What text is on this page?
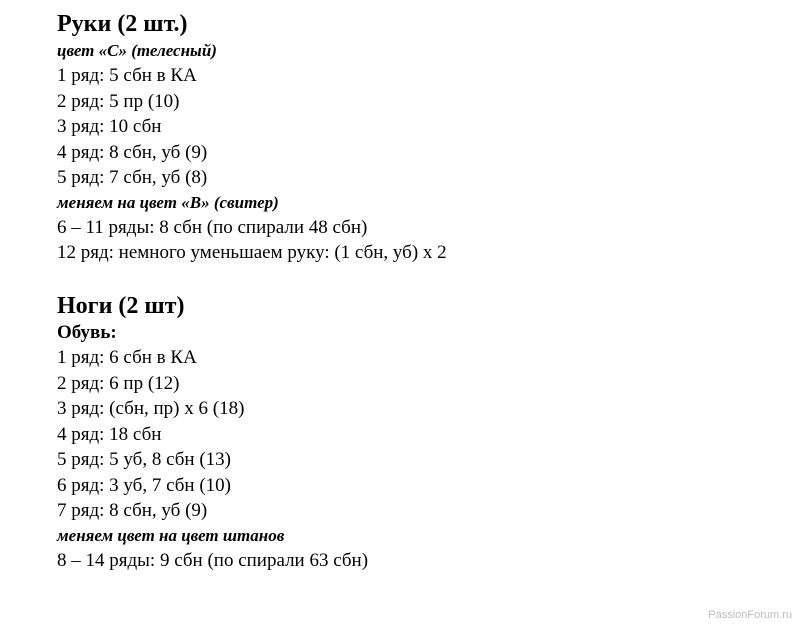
Руки (2 шт.)
цвет «С» (телесный)
1 ряд: 5 сбн в КА
2 ряд: 5 пр (10)
3 ряд: 10 сбн
4 ряд: 8 сбн, уб (9)
5 ряд: 7 сбн, уб (8)
меняем на цвет «В» (свитер)
6 – 11 ряды: 8 сбн (по спирали 48 сбн)
12 ряд: немного уменьшаем руку: (1 сбн, уб) х 2
Ноги (2 шт)
Обувь:
1 ряд: 6 сбн в КА
2 ряд: 6 пр (12)
3 ряд: (сбн, пр) х 6 (18)
4 ряд: 18 сбн
5 ряд: 5 уб, 8 сбн (13)
6 ряд: 3 уб, 7 сбн (10)
7 ряд: 8 сбн, уб (9)
меняем цвет на цвет штанов
8 – 14 ряды: 9 сбн (по спирали 63 сбн)
PassionForum.ru
